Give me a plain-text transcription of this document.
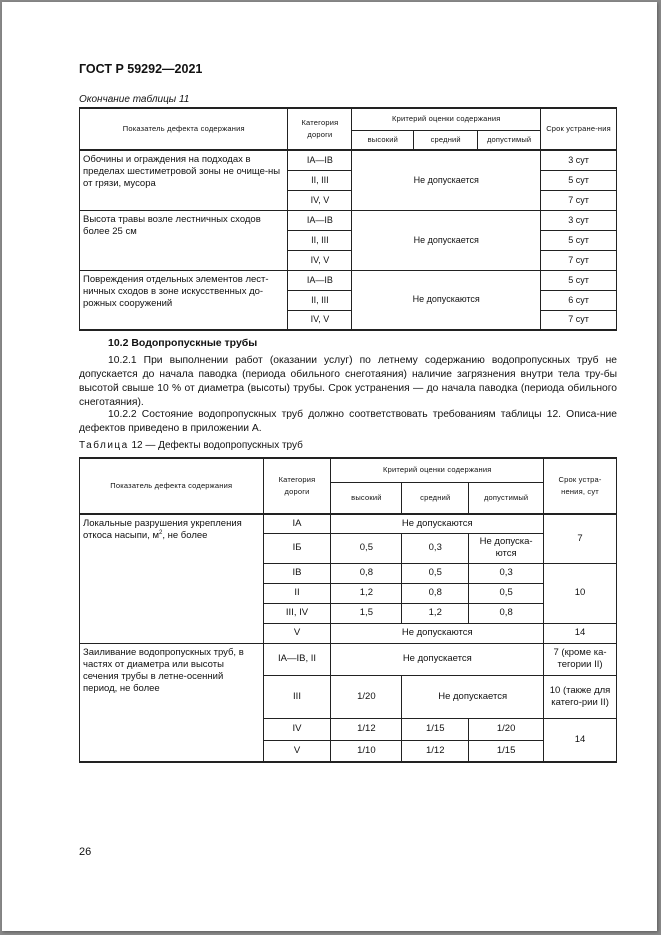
ГОСТ Р 59292—2021
Окончание таблицы 11
Показатель дефекта содержания	Категория дороги	Критерий оценки содержания			Срок устране-ния
		высокий	средний	допустимый	
Обочины и ограждения на подходах в пределах шестиметровой зоны не очище-ны от грязи, мусора	IA—IB	Не допускается			3 сут
	II, III				5 сут
	IV, V				7 сут
Высота травы возле лестничных сходов более 25 см	IA—IB	Не допускается			3 сут
	II, III				5 сут
	IV, V				7 сут
Повреждения отдельных элементов лест-ничных сходов в зоне искусственных до-рожных сооружений	IA—IB	Не допускаются			5 сут
	II, III				6 сут
	IV, V				7 сут
10.2 Водопропускные трубы
10.2.1 При выполнении работ (оказании услуг) по летнему содержанию водопропускных труб не допускается до начала паводка (периода обильного снеготаяния) наличие загрязнения внутри тела тру-бы высотой свыше 10 % от диаметра (высоты) трубы. Срок устранения — до начала паводка (периода обильного снеготаяния).
10.2.2 Состояние водопропускных труб должно соответствовать требованиям таблицы 12. Описа-ние дефектов приведено в приложении А.
Таблица 12 — Дефекты водопропускных труб
Показатель дефекта содержания	Категория дороги	Критерий оценки содержания			Срок устра-нения, сут
		высокий	средний	допустимый	
Локальные разрушения укрепления откоса насыпи, $м^2$, не более	IA	Не допускаются			7
	IБ	0,5	0,3	Не допуска-ются	
	IВ	0,8	0,5	0,3	10
	II	1,2	0,8	0,5	
	III, IV	1,5	1,2	0,8	
	V	Не допускаются			14
Заиливание водопропускных труб, в частях от диаметра или высоты сечения трубы в летне-осенний период, не более	IA—IB, II	Не допускается			7 (кроме ка-тегории II)
	III	1/20	Не допускается		10 (также для катего-рии II)
	IV	1/12	1/15	1/20	14
	V	1/10	1/12	1/15	
26
